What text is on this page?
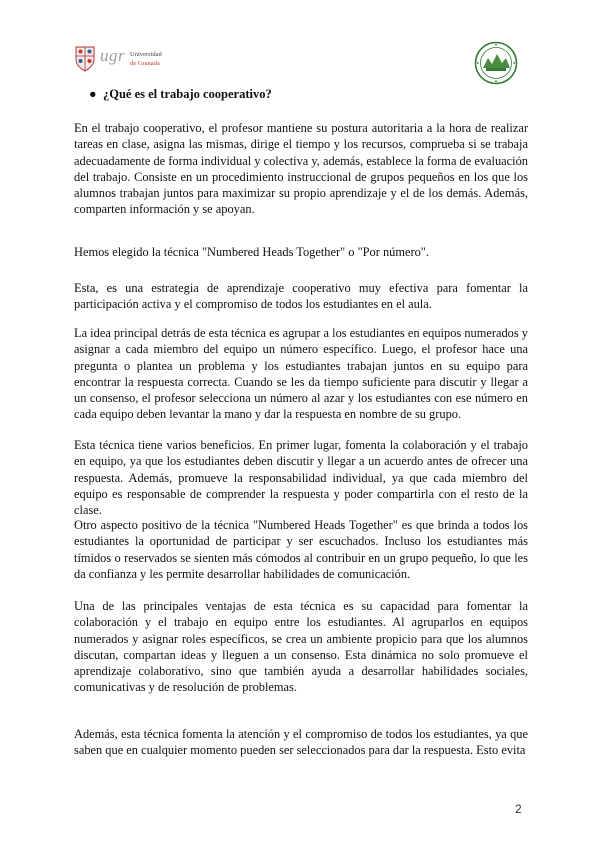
ugr Universidad
de Granada
● ¿Qué es el trabajo cooperativo?

En el trabajo cooperativo, el profesor mantiene su postura autoritaria a la hora de realizar tareas en clase, asigna las mismas, dirige el tiempo y los recursos, comprueba si se trabaja adecuadamente de forma individual y colectiva y, además, establece la forma de evaluación del trabajo. Consiste en un procedimiento instruccional de grupos pequeños en los que los alumnos trabajan juntos para maximizar su propio aprendizaje y el de los demás. Además, comparten información y se apoyan.

Hemos elegido la técnica "Numbered Heads Together" o "Por número".

Esta, es una estrategia de aprendizaje cooperativo muy efectiva para fomentar la participación activa y el compromiso de todos los estudiantes en el aula.

La idea principal detrás de esta técnica es agrupar a los estudiantes en equipos numerados y asignar a cada miembro del equipo un número específico. Luego, el profesor hace una pregunta o plantea un problema y los estudiantes trabajan juntos en su equipo para encontrar la respuesta correcta. Cuando se les da tiempo suficiente para discutir y llegar a un consenso, el profesor selecciona un número al azar y los estudiantes con ese número en cada equipo deben levantar la mano y dar la respuesta en nombre de su grupo.

Esta técnica tiene varios beneficios. En primer lugar, fomenta la colaboración y el trabajo en equipo, ya que los estudiantes deben discutir y llegar a un acuerdo antes de ofrecer una respuesta. Además, promueve la responsabilidad individual, ya que cada miembro del equipo es responsable de comprender la respuesta y poder compartirla con el resto de la clase.

Otro aspecto positivo de la técnica "Numbered Heads Together" es que brinda a todos los estudiantes la oportunidad de participar y ser escuchados. Incluso los estudiantes más tímidos o reservados se sienten más cómodos al contribuir en un grupo pequeño, lo que les da confianza y les permite desarrollar habilidades de comunicación.

Una de las principales ventajas de esta técnica es su capacidad para fomentar la colaboración y el trabajo en equipo entre los estudiantes. Al agruparlos en equipos numerados y asignar roles específicos, se crea un ambiente propicio para que los alumnos discutan, compartan ideas y lleguen a un consenso. Esta dinámica no solo promueve el aprendizaje colaborativo, sino que también ayuda a desarrollar habilidades sociales, comunicativas y de resolución de problemas.

Además, esta técnica fomenta la atención y el compromiso de todos los estudiantes, ya que saben que en cualquier momento pueden ser seleccionados para dar la respuesta. Esto evita

2
